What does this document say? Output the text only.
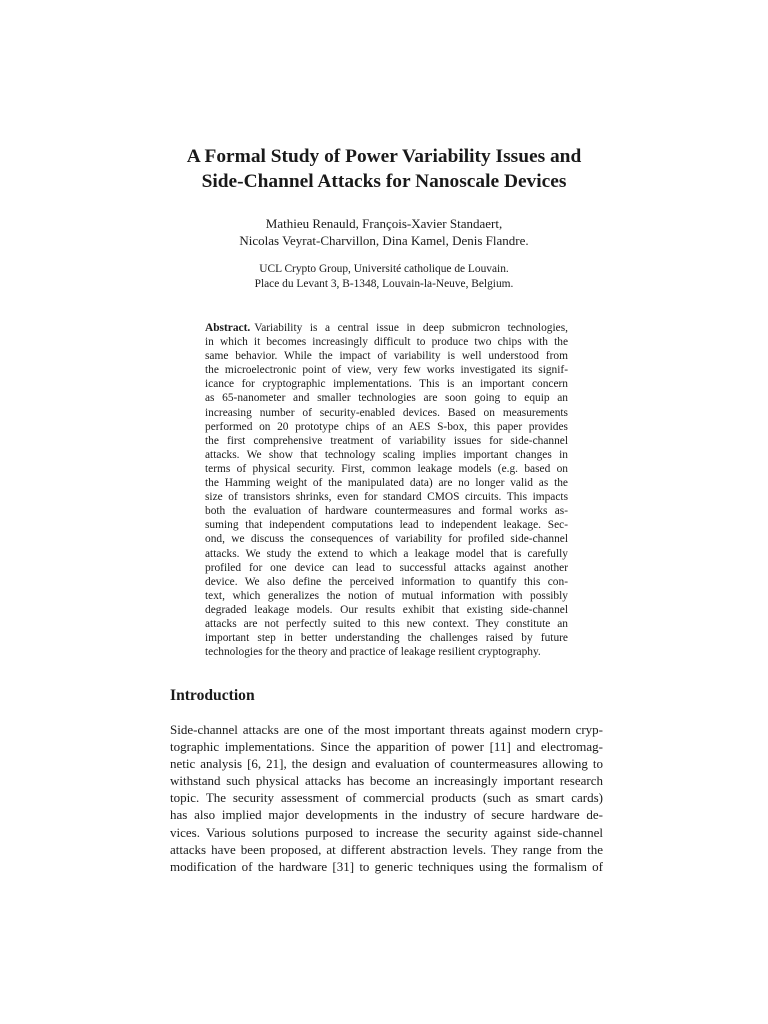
A Formal Study of Power Variability Issues and
Side-Channel Attacks for Nanoscale Devices
Mathieu Renauld, François-Xavier Standaert,
Nicolas Veyrat-Charvillon, Dina Kamel, Denis Flandre.
UCL Crypto Group, Université catholique de Louvain.
Place du Levant 3, B-1348, Louvain-la-Neuve, Belgium.
Abstract. Variability is a central issue in deep submicron technologies,
in which it becomes increasingly difficult to produce two chips with the
same behavior. While the impact of variability is well understood from
the microelectronic point of view, very few works investigated its signif-
icance for cryptographic implementations. This is an important concern
as 65-nanometer and smaller technologies are soon going to equip an
increasing number of security-enabled devices. Based on measurements
performed on 20 prototype chips of an AES S-box, this paper provides
the first comprehensive treatment of variability issues for side-channel
attacks. We show that technology scaling implies important changes in
terms of physical security. First, common leakage models (e.g. based on
the Hamming weight of the manipulated data) are no longer valid as the
size of transistors shrinks, even for standard CMOS circuits. This impacts
both the evaluation of hardware countermeasures and formal works as-
suming that independent computations lead to independent leakage. Sec-
ond, we discuss the consequences of variability for profiled side-channel
attacks. We study the extend to which a leakage model that is carefully
profiled for one device can lead to successful attacks against another
device. We also define the perceived information to quantify this con-
text, which generalizes the notion of mutual information with possibly
degraded leakage models. Our results exhibit that existing side-channel
attacks are not perfectly suited to this new context. They constitute an
important step in better understanding the challenges raised by future
technologies for the theory and practice of leakage resilient cryptography.
Introduction
Side-channel attacks are one of the most important threats against modern cryp-
tographic implementations. Since the apparition of power [11] and electromag-
netic analysis [6, 21], the design and evaluation of countermeasures allowing to
withstand such physical attacks has become an increasingly important research
topic. The security assessment of commercial products (such as smart cards)
has also implied major developments in the industry of secure hardware de-
vices. Various solutions purposed to increase the security against side-channel
attacks have been proposed, at different abstraction levels. They range from the
modification of the hardware [31] to generic techniques using the formalism of
